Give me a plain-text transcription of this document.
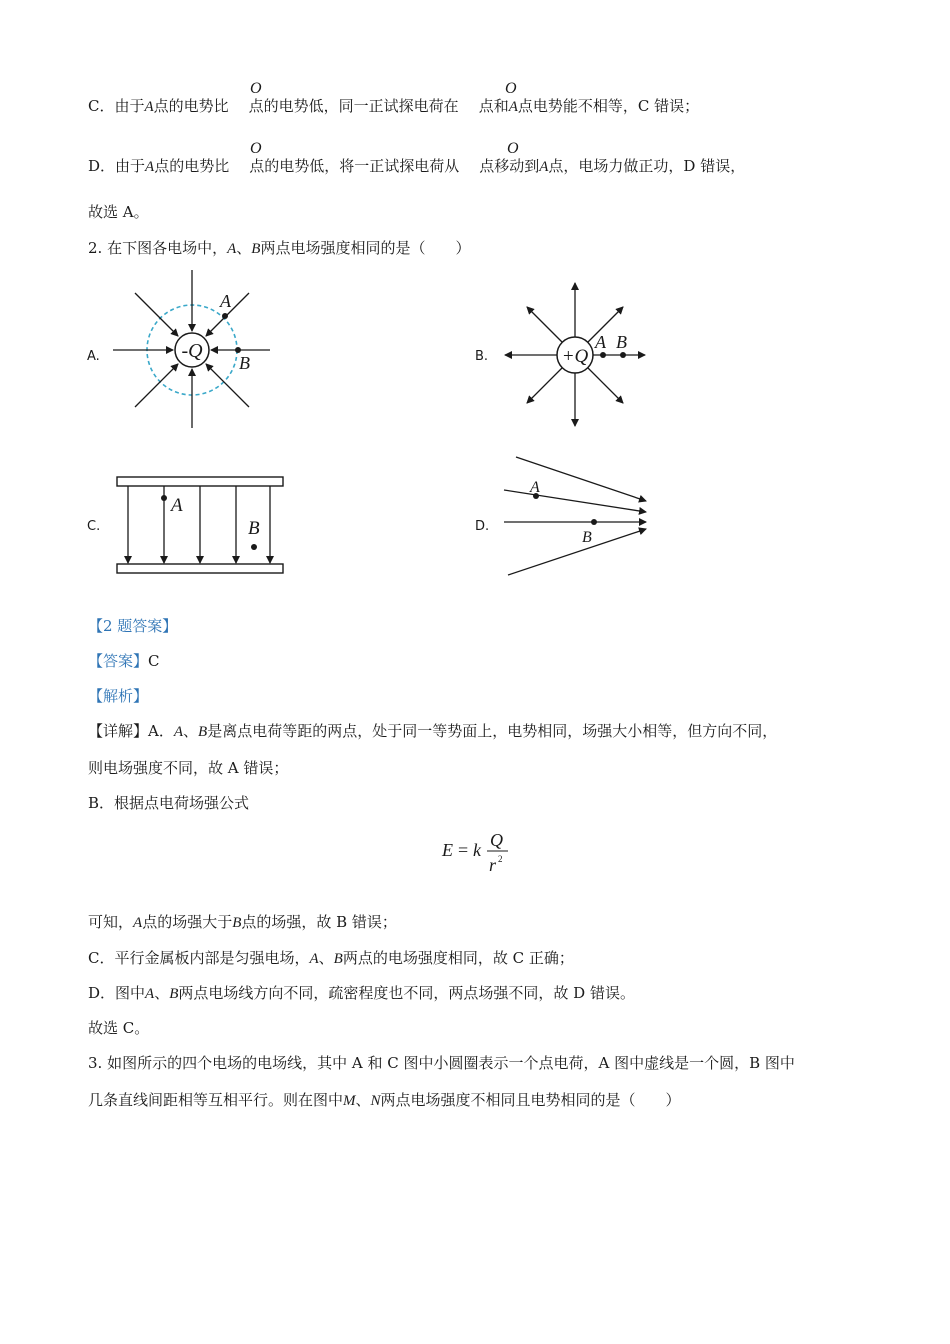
C．由于A点的电势比 点的电势低，同一正试探电荷在 点和A点电势能不相等，C 错误；
O	O
D．由于A点的电势比 点的电势低，将一正试探电荷从 点移动到A点，电场力做正功，D 错误，
O	O
故选 A。
2. 在下图各电场中，A、B两点电场强度相同的是（　　）
A.	-Q
A
B	B.	+Q
A B
C.
A
B	D.
A
B
【2 题答案】
【答案】C
【解析】
【详解】A．A、B是离点电荷等距的两点，处于同一等势面上，电势相同，场强大小相等，但方向不同，
则电场强度不同，故 A 错误；
B．根据点电荷场强公式
E = k Q
r 2
可知，A点的场强大于B点的场强，故 B 错误；
C．平行金属板内部是匀强电场，A、B两点的电场强度相同，故 C 正确；
D．图中A、B两点电场线方向不同，疏密程度也不同，两点场强不同，故 D 错误。
故选 C。
3. 如图所示的四个电场的电场线，其中 A 和 C 图中小圆圈表示一个点电荷，A 图中虚线是一个圆，B 图中
几条直线间距相等互相平行。则在图中M、N两点电场强度不相同且电势相同的是（　　）
